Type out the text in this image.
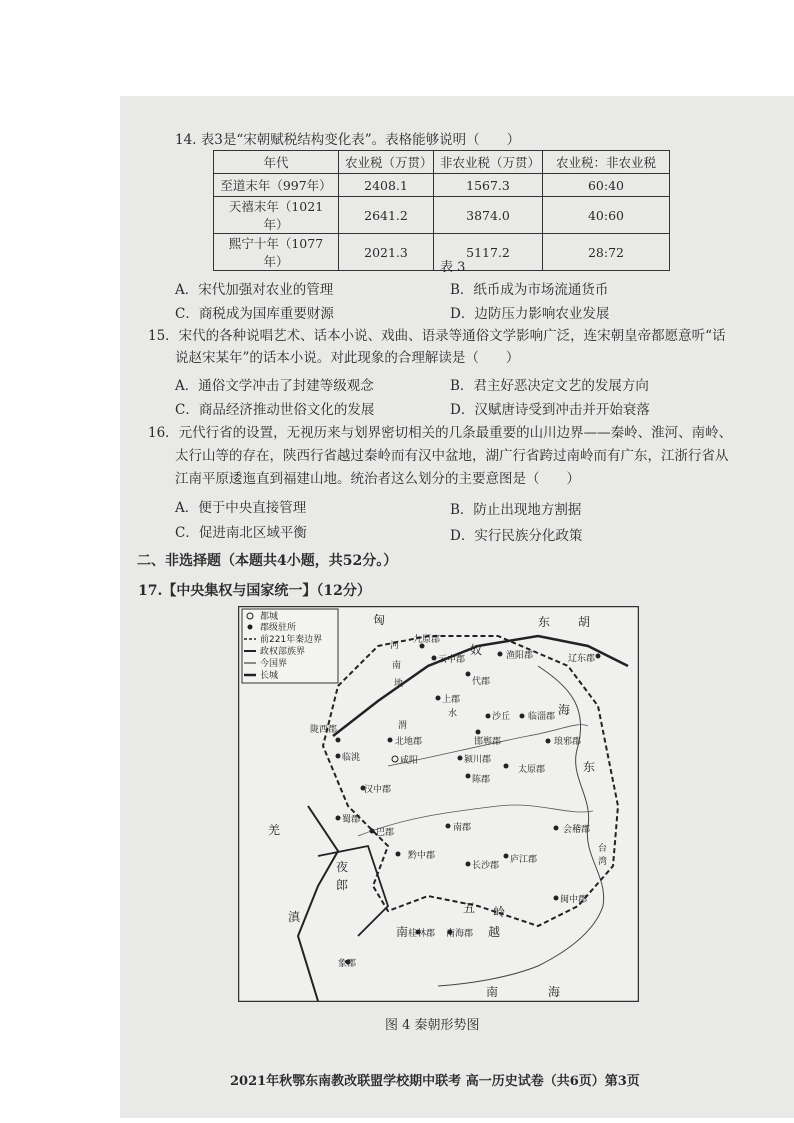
14. 表3是“宋朝赋税结构变化表”。表格能够说明（　　）
年代	农业税（万贯）	非农业税（万贯）	农业税：非农业税
至道末年（997年）	2408.1	1567.3	60:40
天禧末年（1021年）	2641.2	3874.0	40:60
熙宁十年（1077年）	2021.3	5117.2	28:72
表 3
A．宋代加强对农业的管理	B．纸币成为市场流通货币
C．商税成为国库重要财源	D．边防压力影响农业发展
15．宋代的各种说唱艺术、话本小说、戏曲、语录等通俗文学影响广泛，连宋朝皇帝都愿意听“话
说赵宋某年”的话本小说。对此现象的合理解读是（　　）
A．通俗文学冲击了封建等级观念	B．君主好恶决定文艺的发展方向
C．商品经济推动世俗文化的发展	D．汉赋唐诗受到冲击并开始衰落
16．元代行省的设置，无视历来与划界密切相关的几条最重要的山川边界——秦岭、淮河、南岭、
太行山等的存在，陕西行省越过秦岭而有汉中盆地，湖广行省跨过南岭而有广东，江浙行省从
江南平原逶迤直到福建山地。统治者这么划分的主要意图是（　　）
A．便于中央直接管理	B．防止出现地方割据
C．促进南北区域平衡	D．实行民族分化政策
二、非选择题（本题共4小题，共52分。）
17.【中央集权与国家统一】（12分）
都城
郡级驻所
前221年秦边界
政权部族界
今国界
长城
匈
奴
东 胡
河
南
地
羌
夜
郎
滇
南	越
九原郡
云中郡	渔阳郡	辽东郡
代郡
上郡
沙丘 临淄郡
陇西郡
北地郡	邯郸郡	琅邪郡
临洮	咸阳	颍川郡
太原郡
汉中郡
陈郡
蜀郡
巴郡	南郡	会稽郡
黔中郡
长沙郡
庐江郡
闽中郡
桂林郡 南海郡
象郡
五 岭
海
东
南	海
台
湾
水
渭
图 4 秦朝形势图
2021年秋鄂东南教改联盟学校期中联考 高一历史试卷（共6页）第3页
